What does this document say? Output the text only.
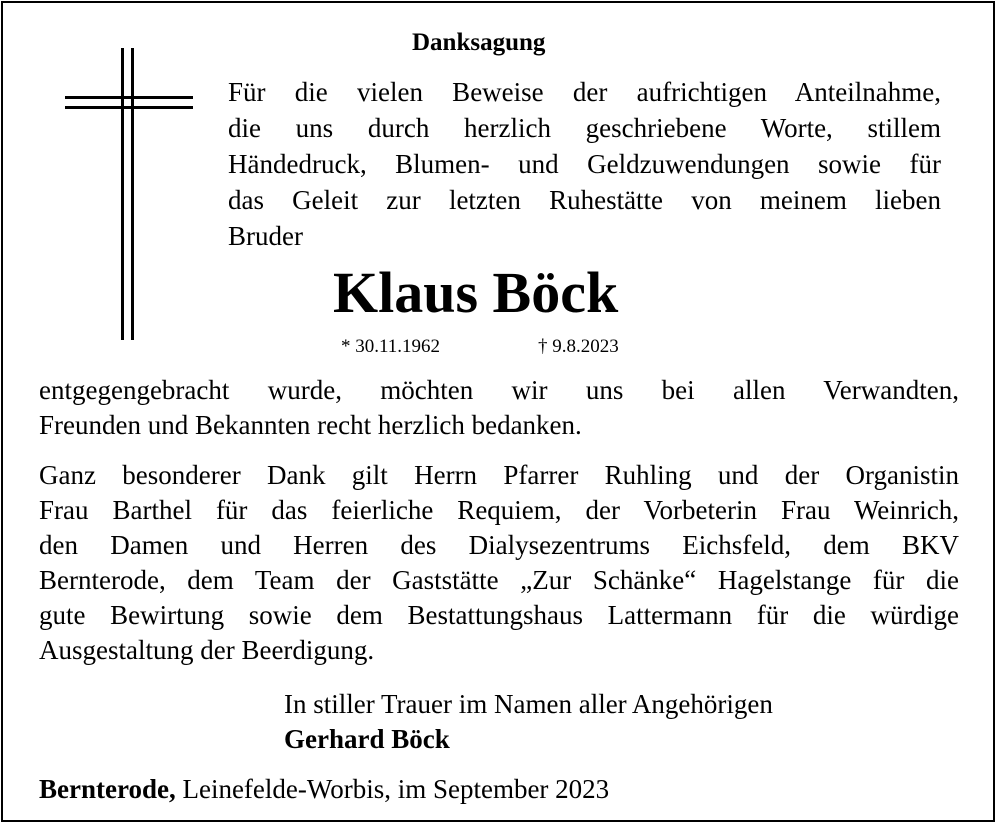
Danksagung
Für die vielen Beweise der aufrichtigen Anteilnahme,
die uns durch herzlich geschriebene Worte, stillem
Händedruck, Blumen- und Geldzuwendungen sowie für
das Geleit zur letzten Ruhestätte von meinem lieben
Bruder
Klaus Böck
* 30.11.1962	† 9.8.2023
entgegengebracht wurde, möchten wir uns bei allen Verwandten,
Freunden und Bekannten recht herzlich bedanken.
Ganz besonderer Dank gilt Herrn Pfarrer Ruhling und der Organistin
Frau Barthel für das feierliche Requiem, der Vorbeterin Frau Weinrich,
den Damen und Herren des Dialysezentrums Eichsfeld, dem BKV
Bernterode, dem Team der Gaststätte „Zur Schänke“ Hagelstange für die
gute Bewirtung sowie dem Bestattungshaus Lattermann für die würdige
Ausgestaltung der Beerdigung.
In stiller Trauer im Namen aller Angehörigen
Gerhard Böck
Bernterode, Leinefelde-Worbis, im September 2023
